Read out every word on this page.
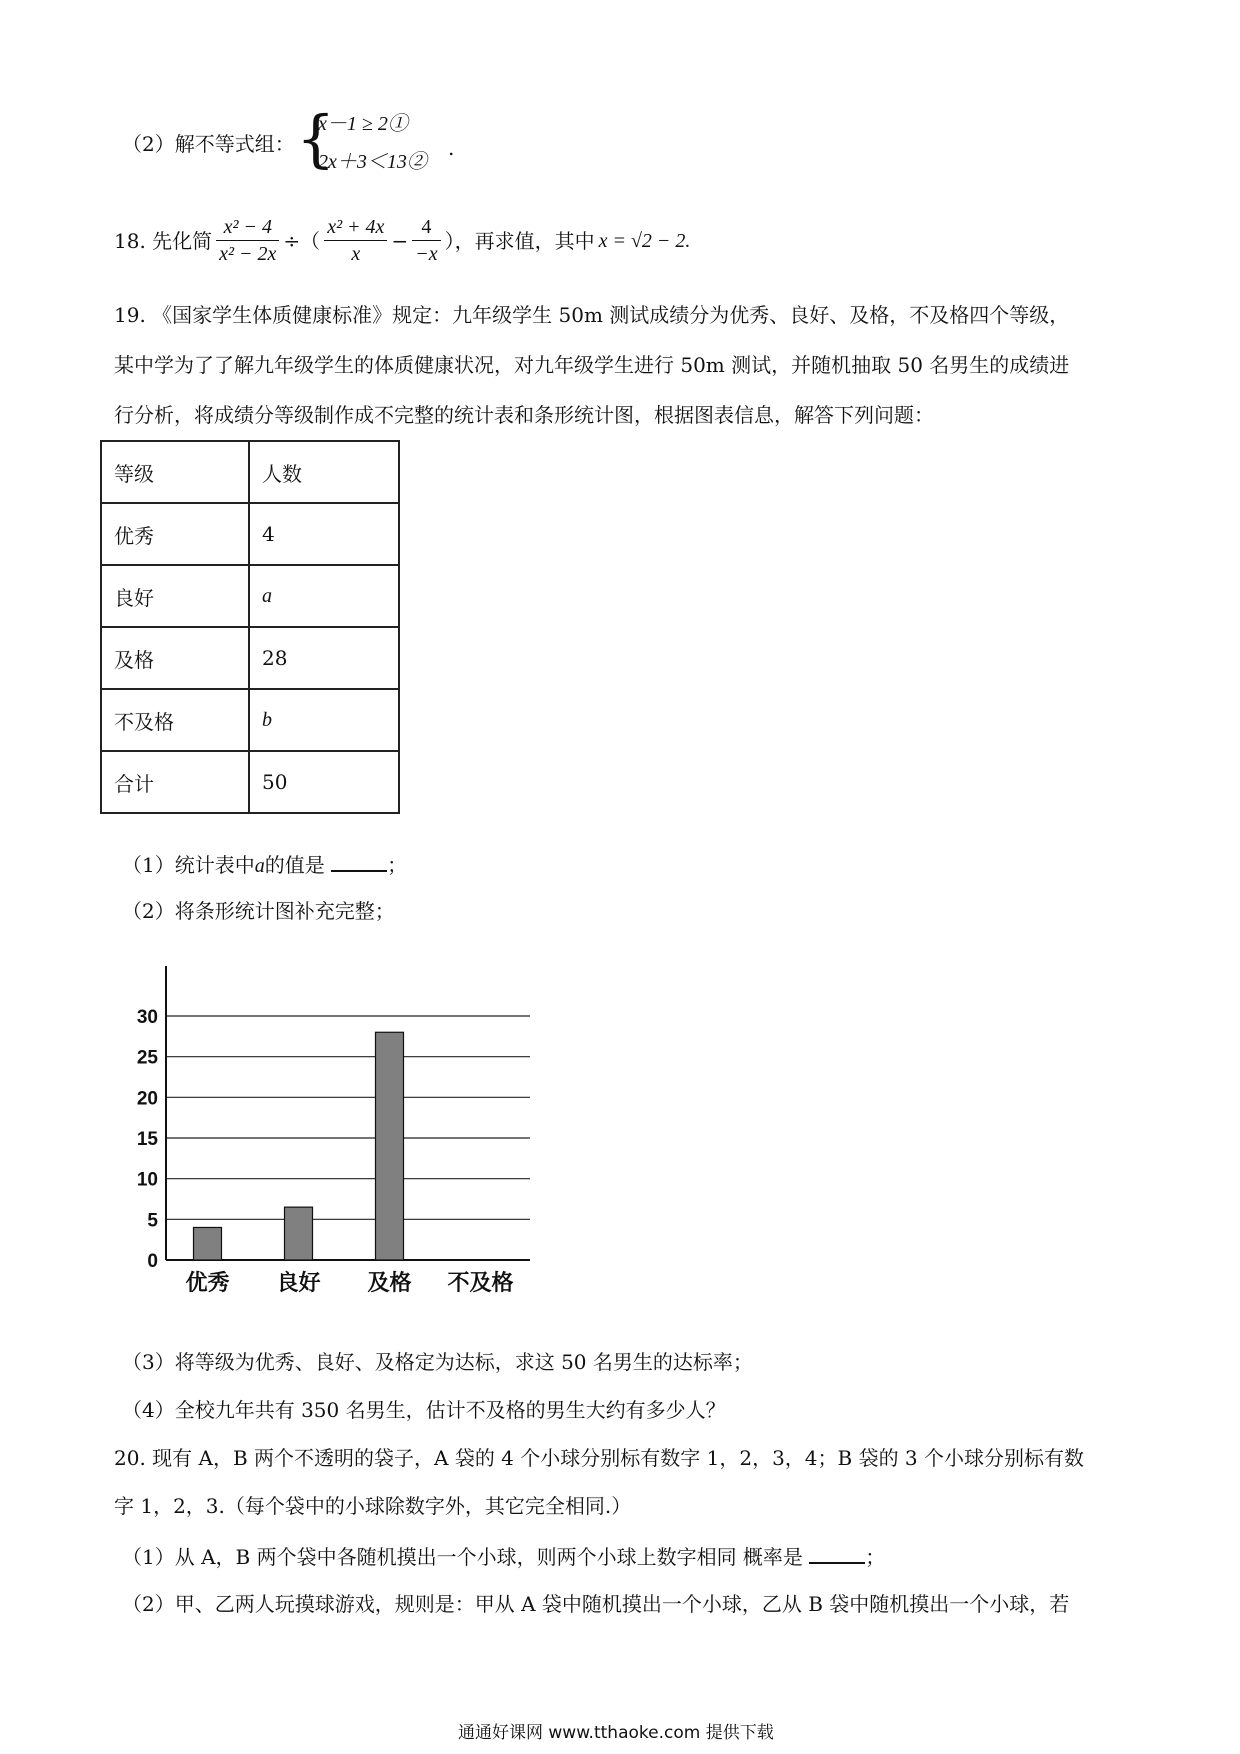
（2）解不等式组： {
x－1 ≥ 2①
2x＋3＜13②
.
18. 先化简 $\frac{\text{x² − 4}}{\text{x² − 2x}}$ ÷（ $\frac{\text{x² + 4x}}{x} - \frac{4}{-x}$ ），再求值，其中 x = √2 − 2.
19. 《国家学生体质健康标准》规定：九年级学生 50m 测试成绩分为优秀、良好、及格，不及格四个等级，
某中学为了了解九年级学生的体质健康状况，对九年级学生进行 50m 测试，并随机抽取 50 名男生的成绩进
行分析，将成绩分等级制作成不完整的统计表和条形统计图，根据图表信息，解答下列问题：
等级	人数
优秀	4
良好	a
及格	28
不及格	b
合计	50
（1）统计表中a的值是	；
（2）将条形统计图补充完整；
0
5
10
15
20
25
30
优秀 良好 及格 不及格
（3）将等级为优秀、良好、及格定为达标，求这 50 名男生的达标率；
（4）全校九年共有 350 名男生，估计不及格的男生大约有多少人？
20. 现有 A，B 两个不透明的袋子，A 袋的 4 个小球分别标有数字 1，2，3，4；B 袋的 3 个小球分别标有数
字 1，2，3.（每个袋中的小球除数字外，其它完全相同.）
（1）从 A，B 两个袋中各随机摸出一个小球，则两个小球上数字相同 概率是	；
（2）甲、乙两人玩摸球游戏，规则是：甲从 A 袋中随机摸出一个小球，乙从 B 袋中随机摸出一个小球，若
通通好课网 www.tthaoke.com 提供下载
